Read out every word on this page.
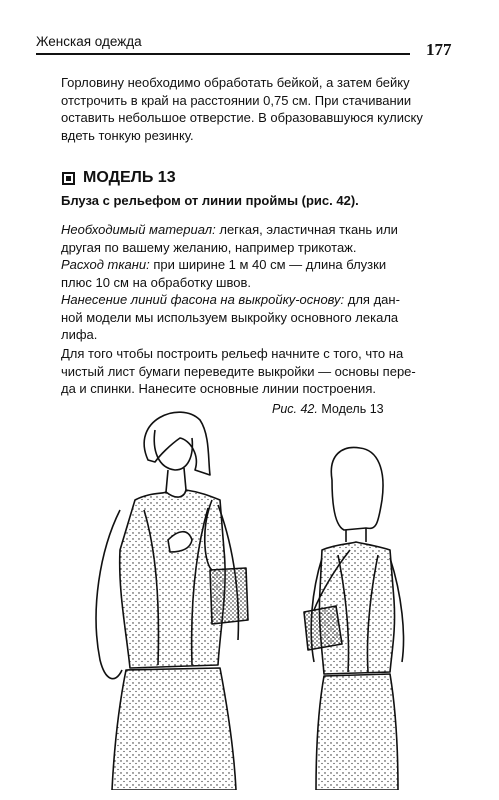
Женская одежда	177
Горловину необходимо обработать бейкой, а затем бейку
отстрочить в край на расстоянии 0,75 см. При стачивании
оставить небольшое отверстие. В образовавшуюся кулиску
вдеть тонкую резинку.
МОДЕЛЬ 13
Блуза с рельефом от линии проймы (рис. 42).
Необходимый материал: легкая, эластичная ткань или
другая по вашему желанию, например трикотаж.
Расход ткани: при ширине 1 м 40 см — длина блузки
плюс 10 см на обработку швов.
Нанесение линий фасона на выкройку-основу: для дан-
ной модели мы используем выкройку основного лекала
лифа.
Для того чтобы построить рельеф начните с того, что на
чистый лист бумаги переведите выкройки — основы пере-
да и спинки. Нанесите основные линии построения.
Рис. 42. Модель 13
